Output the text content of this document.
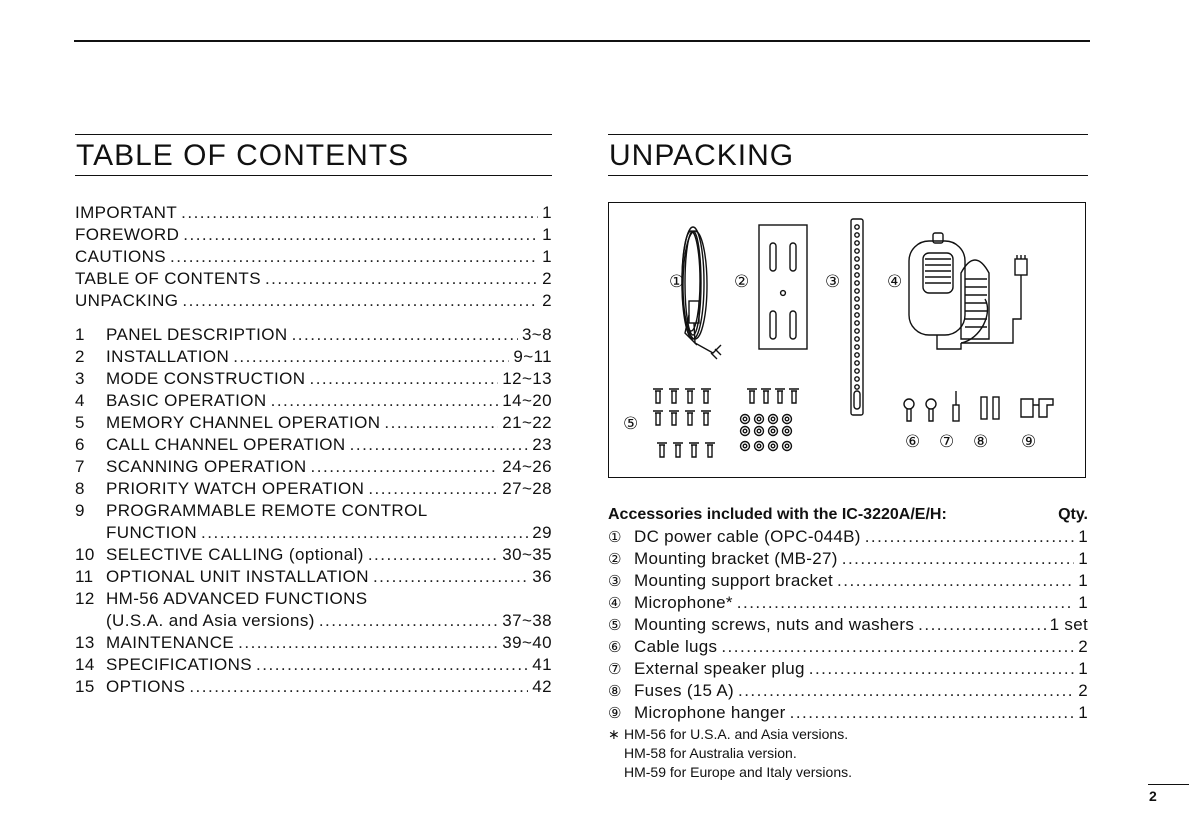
TABLE OF CONTENTS
IMPORTANT .....	1
FOREWORD .....	1
CAUTIONS .....	1
TABLE OF CONTENTS .....	2
UNPACKING .....	2
1	PANEL DESCRIPTION .....	3~8
2	INSTALLATION .....	9~11
3	MODE CONSTRUCTION .....	12~13
4	BASIC OPERATION .....	14~20
5	MEMORY CHANNEL OPERATION .....	21~22
6	CALL CHANNEL OPERATION .....	23
7	SCANNING OPERATION .....	24~26
8	PRIORITY WATCH OPERATION .....	27~28
9	PROGRAMMABLE REMOTE CONTROL
FUNCTION .....	29
10 SELECTIVE CALLING (optional) .....	30~35
11 OPTIONAL UNIT INSTALLATION .....	36
12 HM-56 ADVANCED FUNCTIONS
(U.S.A. and Asia versions) .....	37~38
13 MAINTENANCE .....	39~40
14 SPECIFICATIONS .....	41
15 OPTIONS .....	42
UNPACKING
①	②	③	④
⑤
⑥ ⑦ ⑧ ⑨
Accessories included with the IC-3220A/E/H:	Qty.
① DC power cable (OPC-044B) .....	1
② Mounting bracket (MB-27) .....	1
③ Mounting support bracket .....	1
④ Microphone* .....	1
⑤ Mounting screws, nuts and washers .....	1 set
⑥ Cable lugs .....	2
⑦ External speaker plug .....	1
⑧ Fuses (15 A) .....	2
⑨ Microphone hanger .....	1
∗ HM-56 for U.S.A. and Asia versions.
HM-58 for Australia version.
HM-59 for Europe and Italy versions.
2
